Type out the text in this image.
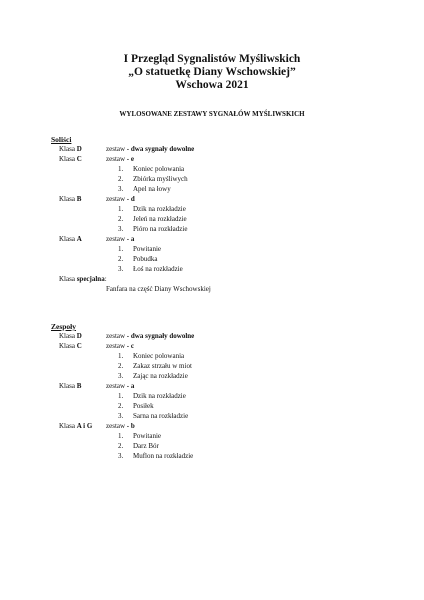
I Przegląd Sygnalistów Myśliwskich
„O statuetkę Diany Wschowskiej”
Wschowa 2021
WYLOSOWANE ZESTAWY SYGNAŁÓW MYŚLIWSKICH
Soliści
Klasa D	zestaw - dwa sygnały dowolne
Klasa C	zestaw - e
1. Koniec polowania
2. Zbiórka myśliwych
3. Apel na łowy
Klasa B	zestaw - d
1. Dzik na rozkładzie
2. Jeleń na rozkładzie
3. Pióro na rozkładzie
Klasa A	zestaw - a
1. Powitanie
2. Pobudka
3. Łoś na rozkładzie
Klasa specjalna:
Fanfara na część Diany Wschowskiej
Zespoły
Klasa D	zestaw - dwa sygnały dowolne
Klasa C	zestaw - c
1. Koniec polowania
2. Zakaz strzału w miot
3. Zając na rozkładzie
Klasa B	zestaw - a
1. Dzik na rozkładzie
2. Posiłek
3. Sarna na rozkładzie
Klasa A i G zestaw - b
1. Powitanie
2. Darz Bór
3. Muflon na rozkładzie
